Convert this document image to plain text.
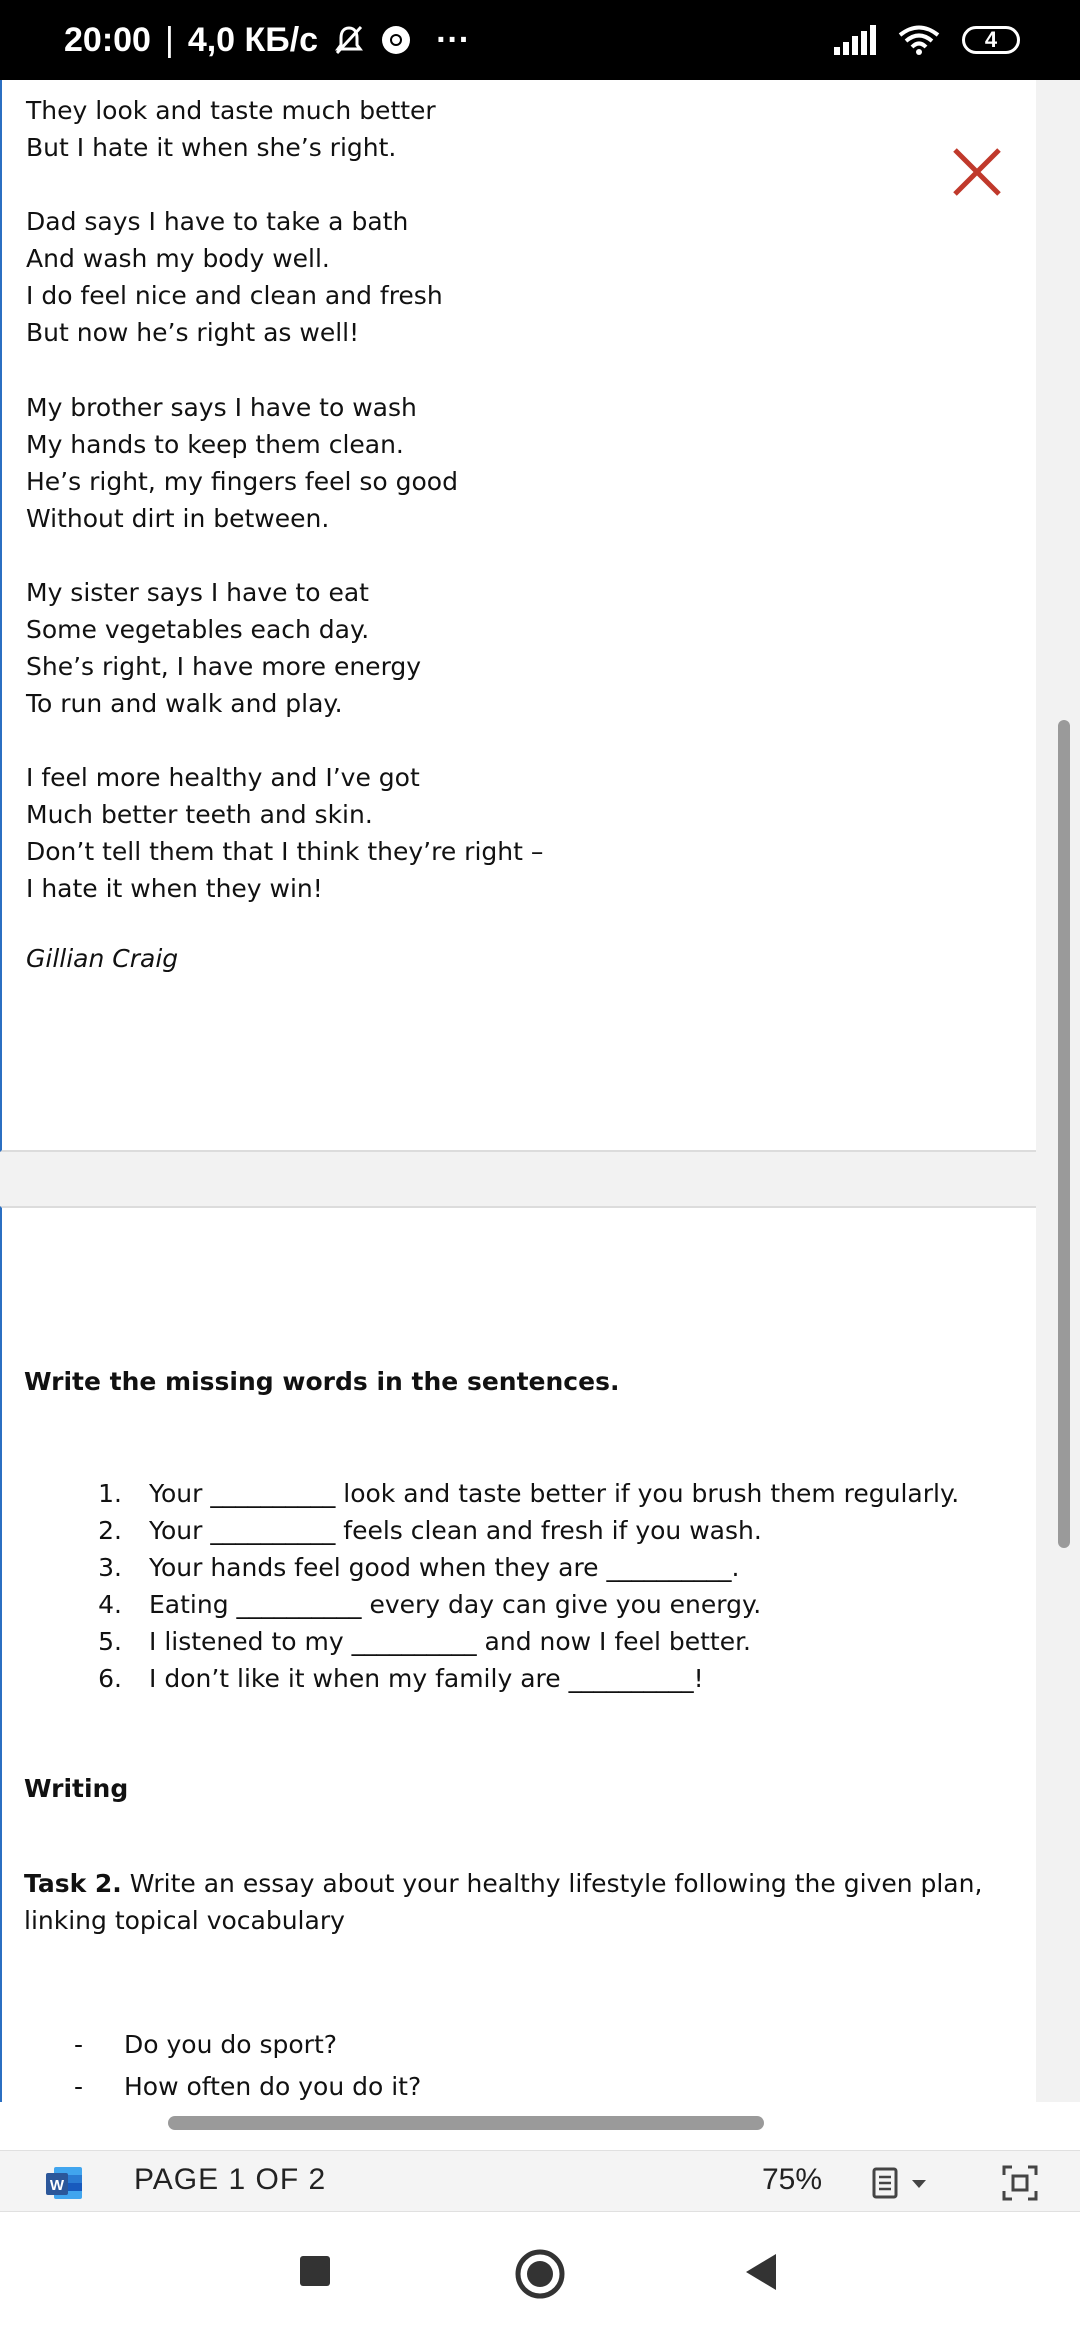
20:00 | 4,0 КБ/с	···	4

They look and taste much better

But I hate it when she’s right.

Dad says I have to take a bath

And wash my body well.

I do feel nice and clean and fresh

But now he’s right as well!

My brother says I have to wash

My hands to keep them clean.

He’s right, my fingers feel so good

Without dirt in between.

My sister says I have to eat

Some vegetables each day.

She’s right, I have more energy

To run and walk and play.

I feel more healthy and I’ve got

Much better teeth and skin.

Don’t tell them that I think they’re right –

I hate it when they win!

Gillian Craig
Write the missing words in the sentences.
1.	Your __________ look and taste better if you brush them regularly.
2.	Your __________ feels clean and fresh if you wash.
3.	Your hands feel good when they are __________.
4.	Eating __________ every day can give you energy.
5.	I listened to my __________ and now I feel better.
6.	I don’t like it when my family are __________!
Writing
Task 2. Write an essay about your healthy lifestyle following the given plan, linking topical vocabulary
-	Do you do sport?
-	How often do you do it?
W PAGE 1 OF 2	75%
